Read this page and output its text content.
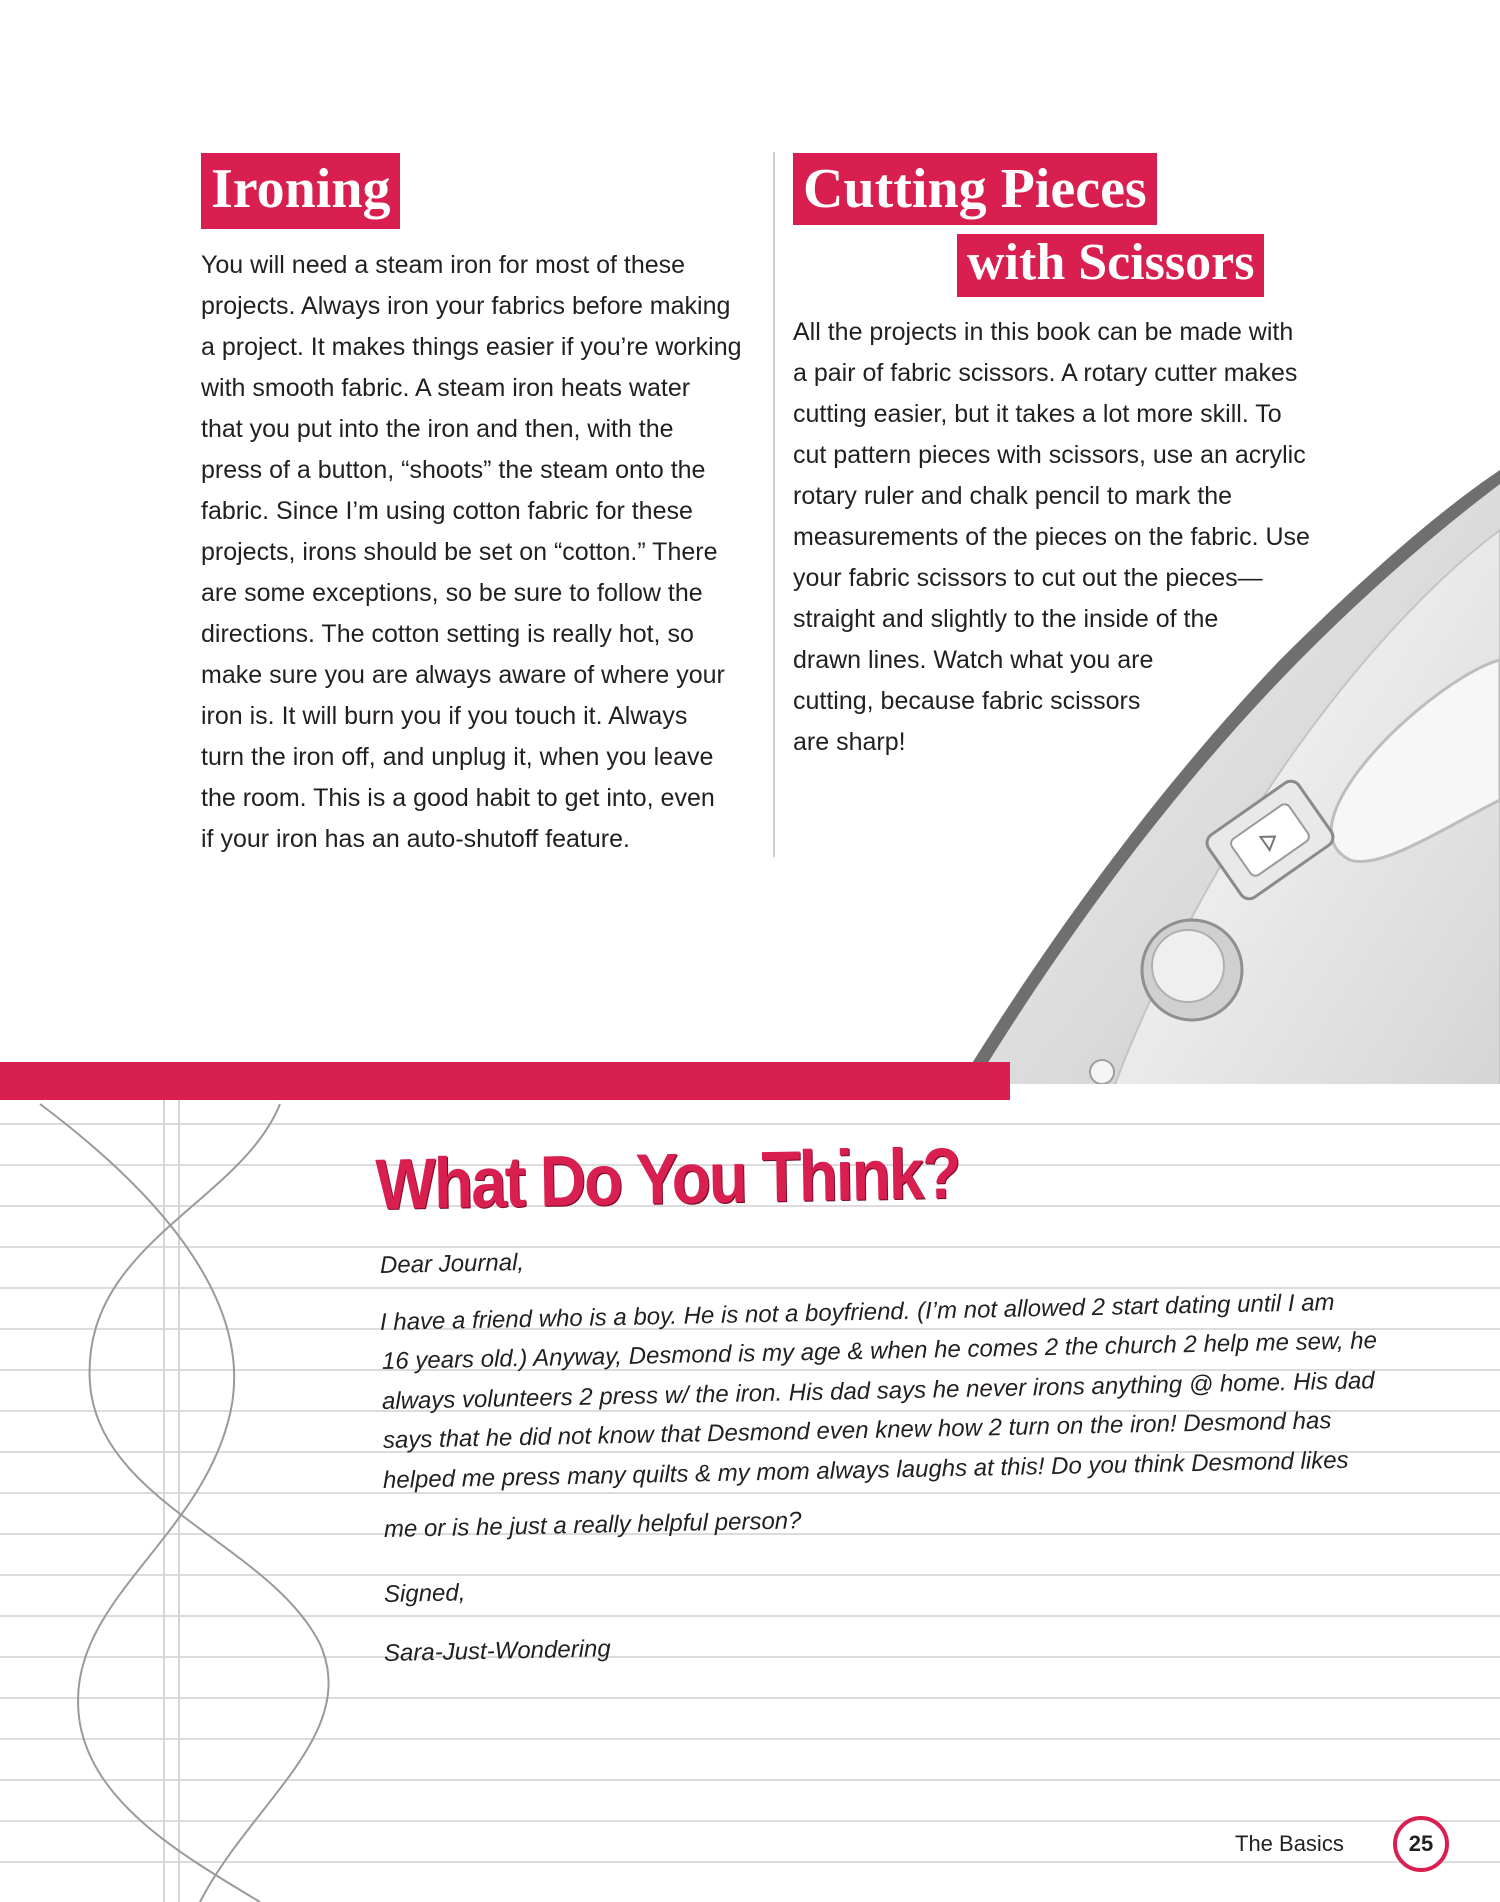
Ironing

You will need a steam iron for most of these

projects. Always iron your fabrics before making

a project. It makes things easier if you’re working

with smooth fabric. A steam iron heats water

that you put into the iron and then, with the

press of a button, “shoots” the steam onto the

fabric. Since I’m using cotton fabric for these

projects, irons should be set on “cotton.” There

are some exceptions, so be sure to follow the

directions. The cotton setting is really hot, so

make sure you are always aware of where your

iron is. It will burn you if you touch it. Always

turn the iron off, and unplug it, when you leave

the room. This is a good habit to get into, even

if your iron has an auto-shutoff feature.

Cutting Pieces
with Scissors

All the projects in this book can be made with

a pair of fabric scissors. A rotary cutter makes

cutting easier, but it takes a lot more skill. To

cut pattern pieces with scissors, use an acrylic

rotary ruler and chalk pencil to mark the

measurements of the pieces on the fabric. Use

your fabric scissors to cut out the pieces—

straight and slightly to the inside of the

drawn lines. Watch what you are

cutting, because fabric scissors

are sharp!

What Do You Think?

Dear Journal,

I have a friend who is a boy. He is not a boyfriend. (I’m not allowed 2 start dating until I am

16 years old.) Anyway, Desmond is my age & when he comes 2 the church 2 help me sew, he

always volunteers 2 press w/ the iron. His dad says he never irons anything @ home. His dad

says that he did not know that Desmond even knew how 2 turn on the iron! Desmond has

helped me press many quilts & my mom always laughs at this! Do you think Desmond likes

me or is he just a really helpful person?

Signed,

Sara-Just-Wondering

The Basics	25
